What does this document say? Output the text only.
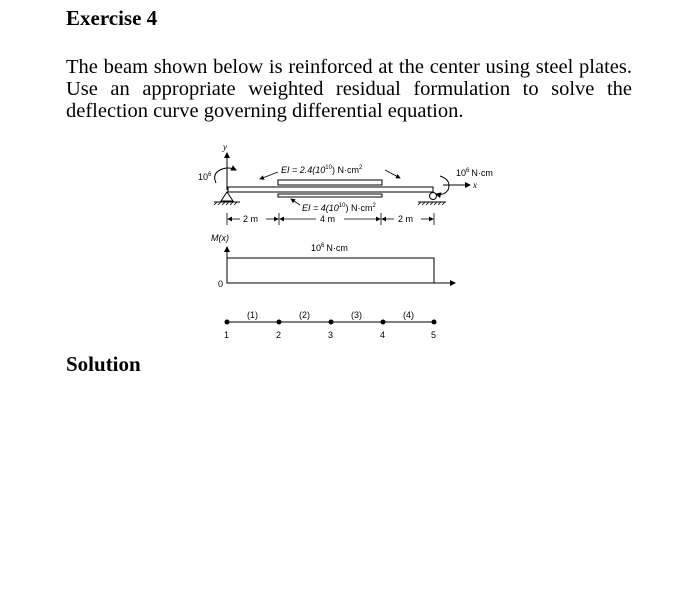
Exercise 4
The beam shown below is reinforced at the center using steel plates.
Use an appropriate weighted residual formulation to solve the
deflection curve governing differential equation.
y
$10^6$
x
$10^6$ N·cm
EI = $2.4(10^{10})$ $N\cdot cm^2$
EI = $4(10^{10})$ $N\cdot cm^2$
2 m	4 m	2 m
M(x)
0
$10^6$ N·cm
(1)	(2)	(3)	(4)
1	2	3	4	5
Solution
